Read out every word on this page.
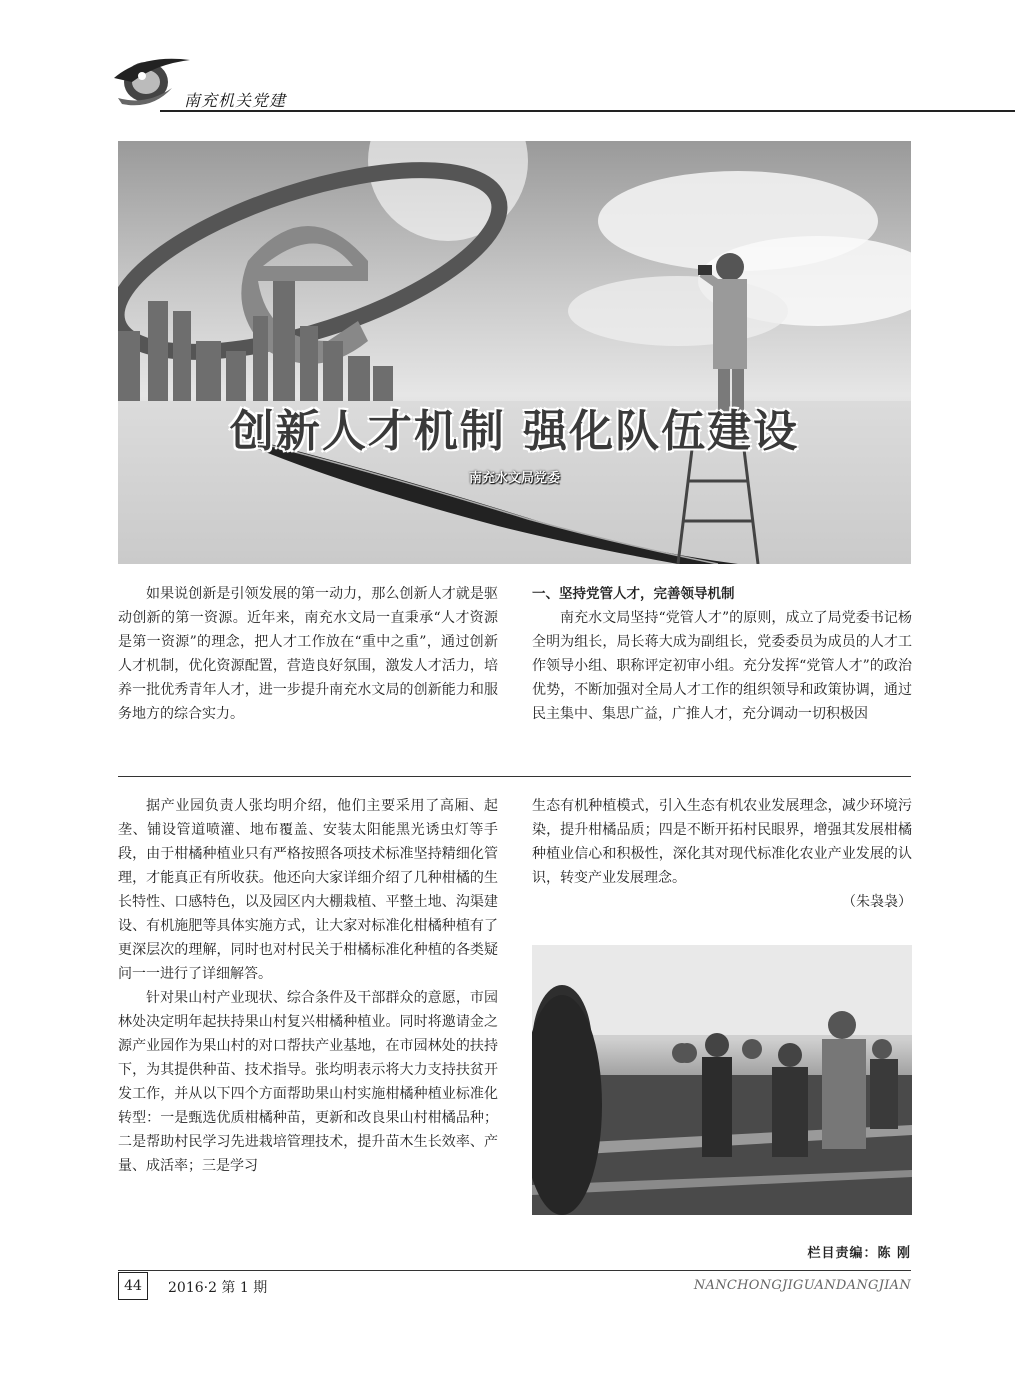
南充机关党建
创新人才机制 强化队伍建设
南充水文局党委

如果说创新是引领发展的第一动力，那么创新人才就是驱动创新的第一资源。近年来，南充水文局一直秉承“人才资源是第一资源”的理念，把人才工作放在“重中之重”，通过创新人才机制，优化资源配置，营造良好氛围，激发人才活力，培养一批优秀青年人才，进一步提升南充水文局的创新能力和服务地方的综合实力。

一、坚持党管人才，完善领导机制

南充水文局坚持“党管人才”的原则，成立了局党委书记杨全明为组长，局长蒋大成为副组长，党委委员为成员的人才工作领导小组、职称评定初审小组。充分发挥“党管人才”的政治优势，不断加强对全局人才工作的组织领导和政策协调，通过民主集中、集思广益，广推人才，充分调动一切积极因

据产业园负责人张均明介绍，他们主要采用了高厢、起垄、铺设管道喷灌、地布覆盖、安装太阳能黑光诱虫灯等手段，由于柑橘种植业只有严格按照各项技术标准坚持精细化管理，才能真正有所收获。他还向大家详细介绍了几种柑橘的生长特性、口感特色，以及园区内大棚栽植、平整土地、沟渠建设、有机施肥等具体实施方式，让大家对标准化柑橘种植有了更深层次的理解，同时也对村民关于柑橘标准化种植的各类疑问一一进行了详细解答。

针对果山村产业现状、综合条件及干部群众的意愿，市园林处决定明年起扶持果山村复兴柑橘种植业。同时将邀请金之源产业园作为果山村的对口帮扶产业基地，在市园林处的扶持下，为其提供种苗、技术指导。张均明表示将大力支持扶贫开发工作，并从以下四个方面帮助果山村实施柑橘种植业标准化转型：一是甄选优质柑橘种苗，更新和改良果山村柑橘品种；二是帮助村民学习先进栽培管理技术，提升苗木生长效率、产量、成活率；三是学习

生态有机种植模式，引入生态有机农业发展理念，减少环境污染，提升柑橘品质；四是不断开拓村民眼界，增强其发展柑橘种植业信心和积极性，深化其对现代标准化农业产业发展的认识，转变产业发展理念。

（朱袅袅）
栏目责编：陈 刚
44	2016·2 第 1 期	NANCHONGJIGUANDANGJIAN
